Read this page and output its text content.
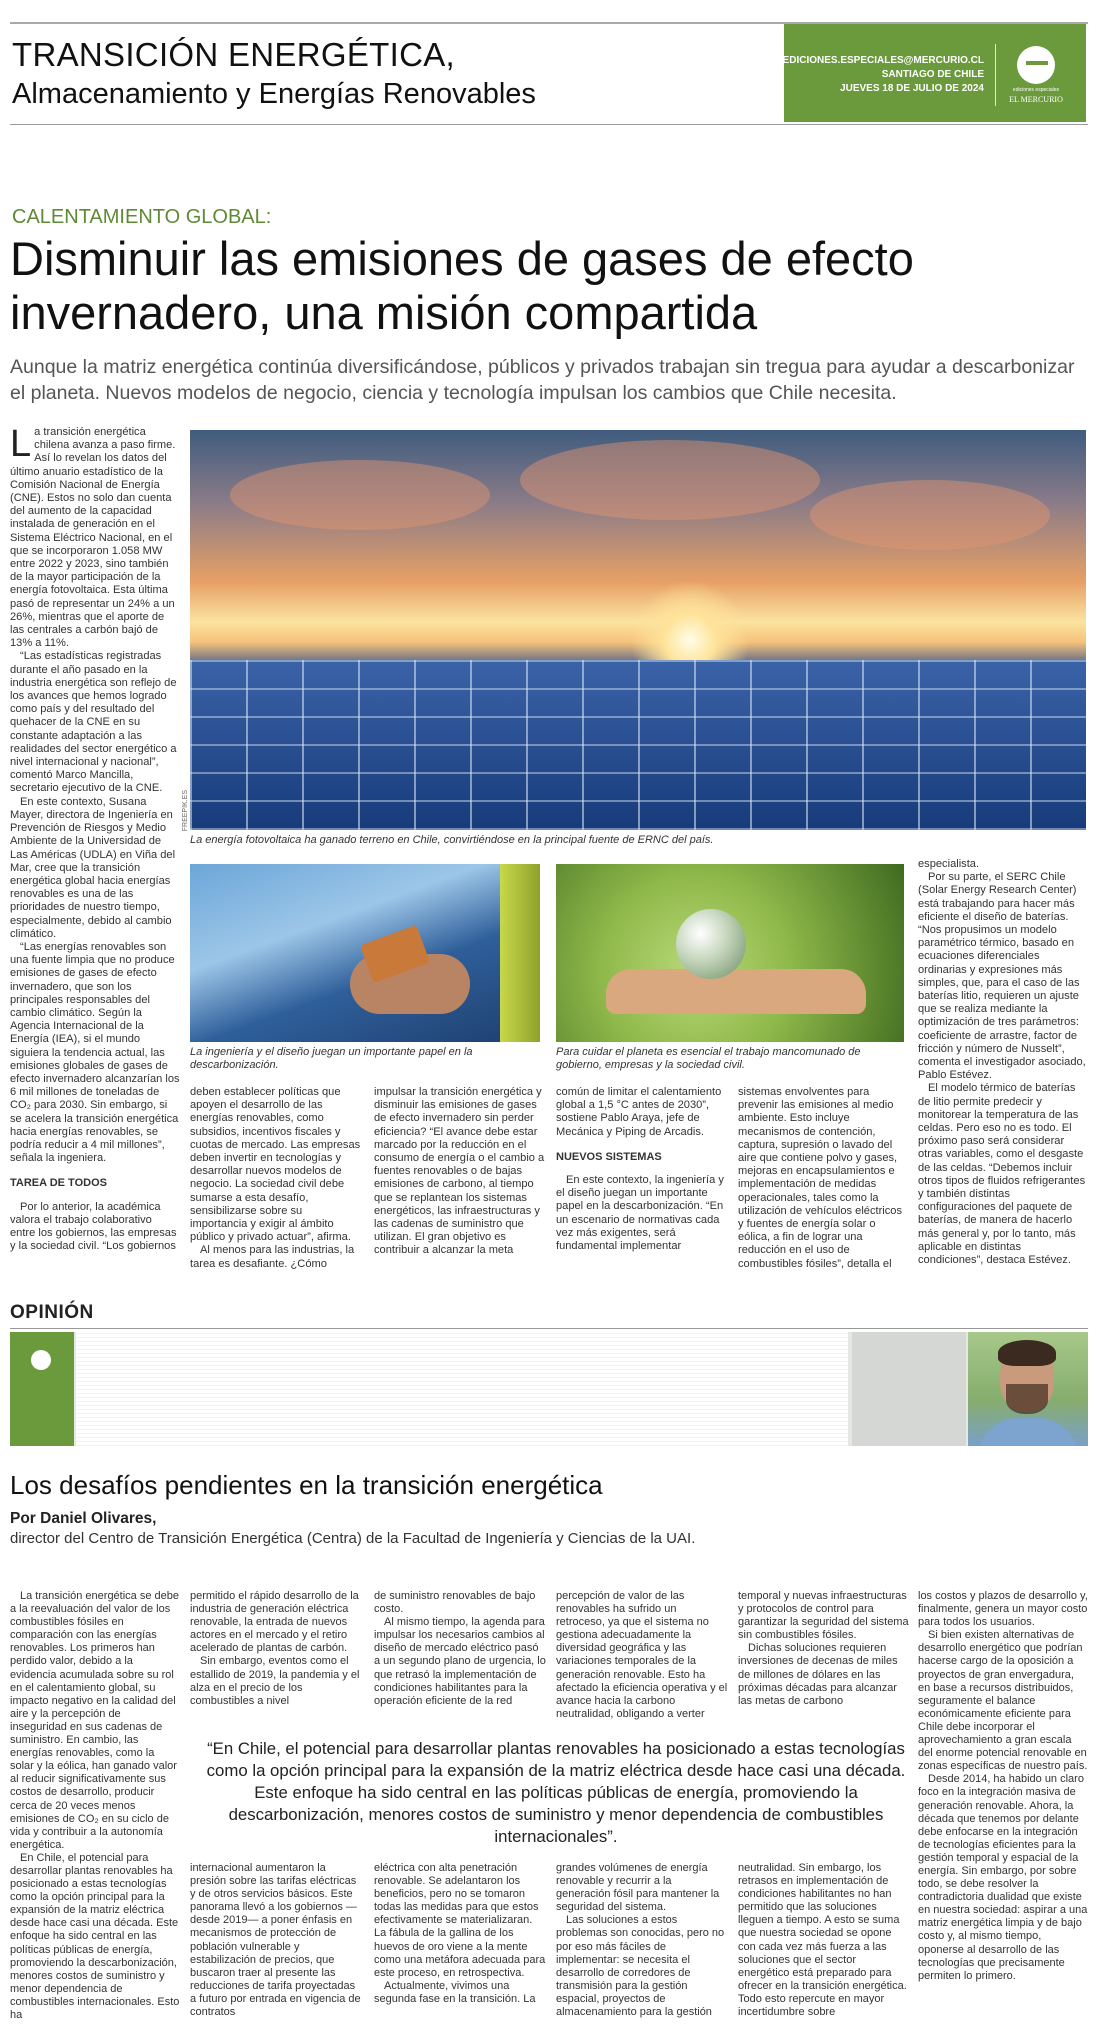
TRANSICIÓN ENERGÉTICA,
Almacenamiento y Energías Renovables
EDICIONES.ESPECIALES@MERCURIO.CL
SANTIAGO DE CHILE
JUEVES 18 DE JULIO DE 2024	ediciones especiales
EL MERCURIO
CALENTAMIENTO GLOBAL:
Disminuir las emisiones de gases de efecto invernadero, una misión compartida
Aunque la matriz energética continúa diversificándose, públicos y privados trabajan sin tregua para ayudar a descarbonizar el planeta. Nuevos modelos de negocio, ciencia y tecnología impulsan los cambios que Chile necesita.

La transición energética chilena avanza a paso firme. Así lo revelan los datos del último anuario estadístico de la Comisión Nacional de Energía (CNE). Estos no solo dan cuenta del aumento de la capacidad instalada de generación en el Sistema Eléctrico Nacional, en el que se incorporaron 1.058 MW entre 2022 y 2023, sino también de la mayor participación de la energía fotovoltaica. Esta última pasó de representar un 24% a un 26%, mientras que el aporte de las centrales a carbón bajó de 13% a 11%.

“Las estadísticas registradas durante el año pasado en la industria energética son reflejo de los avances que hemos logrado como país y del resultado del quehacer de la CNE en su constante adaptación a las realidades del sector energético a nivel internacional y nacional”, comentó Marco Mancilla, secretario ejecutivo de la CNE.

En este contexto, Susana Mayer, directora de Ingeniería en Prevención de Riesgos y Medio Ambiente de la Universidad de Las Américas (UDLA) en Viña del Mar, cree que la transición energética global hacia energías renovables es una de las prioridades de nuestro tiempo, especialmente, debido al cambio climático.

“Las energías renovables son una fuente limpia que no produce emisiones de gases de efecto invernadero, que son los principales responsables del cambio climático. Según la Agencia Internacional de la Energía (IEA), si el mundo siguiera la tendencia actual, las emisiones globales de gases de efecto invernadero alcanzarían los 6 mil millones de toneladas de CO₂ para 2030. Sin embargo, si se acelera la transición energética hacia energías renovables, se podría reducir a 4 mil millones”, señala la ingeniera.

TAREA DE TODOS

Por lo anterior, la académica valora el trabajo colaborativo entre los gobiernos, las empresas y la sociedad civil. “Los gobiernos

FREEPIK.ES
La energía fotovoltaica ha ganado terreno en Chile, convirtiéndose en la principal fuente de ERNC del país.
La ingeniería y el diseño juegan un importante papel en la descarbonización.
Para cuidar el planeta es esencial el trabajo mancomunado de gobierno, empresas y la sociedad civil.

deben establecer políticas que apoyen el desarrollo de las energías renovables, como subsidios, incentivos fiscales y cuotas de mercado. Las empresas deben invertir en tecnologías y desarrollar nuevos modelos de negocio. La sociedad civil debe sumarse a esta desafío, sensibilizarse sobre su importancia y exigir al ámbito público y privado actuar”, afirma.

Al menos para las industrias, la tarea es desafiante. ¿Cómo

impulsar la transición energética y disminuir las emisiones de gases de efecto invernadero sin perder eficiencia? “El avance debe estar marcado por la reducción en el consumo de energía o el cambio a fuentes renovables o de bajas emisiones de carbono, al tiempo que se replantean los sistemas energéticos, las infraestructuras y las cadenas de suministro que utilizan. El gran objetivo es contribuir a alcanzar la meta

común de limitar el calentamiento global a 1,5 °C antes de 2030”, sostiene Pablo Araya, jefe de Mecánica y Piping de Arcadis.

NUEVOS SISTEMAS

En este contexto, la ingeniería y el diseño juegan un importante papel en la descarbonización. “En un escenario de normativas cada vez más exigentes, será fundamental implementar

sistemas envolventes para prevenir las emisiones al medio ambiente. Esto incluye mecanismos de contención, captura, supresión o lavado del aire que contiene polvo y gases, mejoras en encapsulamientos e implementación de medidas operacionales, tales como la utilización de vehículos eléctricos y fuentes de energía solar o eólica, a fin de lograr una reducción en el uso de combustibles fósiles”, detalla el

especialista.

Por su parte, el SERC Chile (Solar Energy Research Center) está trabajando para hacer más eficiente el diseño de baterías. “Nos propusimos un modelo paramétrico térmico, basado en ecuaciones diferenciales ordinarias y expresiones más simples, que, para el caso de las baterías litio, requieren un ajuste que se realiza mediante la optimización de tres parámetros: coeficiente de arrastre, factor de fricción y número de Nusselt”, comenta el investigador asociado, Pablo Estévez.

El modelo térmico de baterías de litio permite predecir y monitorear la temperatura de las celdas. Pero eso no es todo. El próximo paso será considerar otras variables, como el desgaste de las celdas. “Debemos incluir otros tipos de fluidos refrigerantes y también distintas configuraciones del paquete de baterías, de manera de hacerlo más general y, por lo tanto, más aplicable en distintas condiciones”, destaca Estévez.

OPINIÓN
Los desafíos pendientes en la transición energética
Por Daniel Olivares,
director del Centro de Transición Energética (Centra) de la Facultad de Ingeniería y Ciencias de la UAI.

La transición energética se debe a la reevaluación del valor de los combustibles fósiles en comparación con las energías renovables. Los primeros han perdido valor, debido a la evidencia acumulada sobre su rol en el calentamiento global, su impacto negativo en la calidad del aire y la percepción de inseguridad en sus cadenas de suministro. En cambio, las energías renovables, como la solar y la eólica, han ganado valor al reducir significativamente sus costos de desarrollo, producir cerca de 20 veces menos emisiones de CO₂ en su ciclo de vida y contribuir a la autonomía energética.

En Chile, el potencial para desarrollar plantas renovables ha posicionado a estas tecnologías como la opción principal para la expansión de la matriz eléctrica desde hace casi una década. Este enfoque ha sido central en las políticas públicas de energía, promoviendo la descarbonización, menores costos de suministro y menor dependencia de combustibles internacionales. Esto ha

permitido el rápido desarrollo de la industria de generación eléctrica renovable, la entrada de nuevos actores en el mercado y el retiro acelerado de plantas de carbón.

Sin embargo, eventos como el estallido de 2019, la pandemia y el alza en el precio de los combustibles a nivel

de suministro renovables de bajo costo.

Al mismo tiempo, la agenda para impulsar los necesarios cambios al diseño de mercado eléctrico pasó a un segundo plano de urgencia, lo que retrasó la implementación de condiciones habilitantes para la operación eficiente de la red

percepción de valor de las renovables ha sufrido un retroceso, ya que el sistema no gestiona adecuadamente la diversidad geográfica y las variaciones temporales de la generación renovable. Esto ha afectado la eficiencia operativa y el avance hacia la carbono neutralidad, obligando a verter

temporal y nuevas infraestructuras y protocolos de control para garantizar la seguridad del sistema sin combustibles fósiles.

Dichas soluciones requieren inversiones de decenas de miles de millones de dólares en las próximas décadas para alcanzar las metas de carbono

“En Chile, el potencial para desarrollar plantas renovables ha posicionado a estas tecnologías como la opción principal para la expansión de la matriz eléctrica desde hace casi una década. Este enfoque ha sido central en las políticas públicas de energía, promoviendo la descarbonización, menores costos de suministro y menor dependencia de combustibles internacionales”.

internacional aumentaron la presión sobre las tarifas eléctricas y de otros servicios básicos. Este panorama llevó a los gobiernos —desde 2019— a poner énfasis en mecanismos de protección de población vulnerable y estabilización de precios, que buscaron traer al presente las reducciones de tarifa proyectadas a futuro por entrada en vigencia de contratos

eléctrica con alta penetración renovable. Se adelantaron los beneficios, pero no se tomaron todas las medidas para que estos efectivamente se materializaran. La fábula de la gallina de los huevos de oro viene a la mente como una metáfora adecuada para este proceso, en retrospectiva.

Actualmente, vivimos una segunda fase en la transición. La

grandes volúmenes de energía renovable y recurrir a la generación fósil para mantener la seguridad del sistema.

Las soluciones a estos problemas son conocidas, pero no por eso más fáciles de implementar: se necesita el desarrollo de corredores de transmisión para la gestión espacial, proyectos de almacenamiento para la gestión

neutralidad. Sin embargo, los retrasos en implementación de condiciones habilitantes no han permitido que las soluciones lleguen a tiempo. A esto se suma que nuestra sociedad se opone con cada vez más fuerza a las soluciones que el sector energético está preparado para ofrecer en la transición energética. Todo esto repercute en mayor incertidumbre sobre

los costos y plazos de desarrollo y, finalmente, genera un mayor costo para todos los usuarios.

Si bien existen alternativas de desarrollo energético que podrían hacerse cargo de la oposición a proyectos de gran envergadura, en base a recursos distribuidos, seguramente el balance económicamente eficiente para Chile debe incorporar el aprovechamiento a gran escala del enorme potencial renovable en zonas específicas de nuestro país.

Desde 2014, ha habido un claro foco en la integración masiva de generación renovable. Ahora, la década que tenemos por delante debe enfocarse en la integración de tecnologías eficientes para la gestión temporal y espacial de la energía. Sin embargo, por sobre todo, se debe resolver la contradictoria dualidad que existe en nuestra sociedad: aspirar a una matriz energética limpia y de bajo costo y, al mismo tiempo, oponerse al desarrollo de las tecnologías que precisamente permiten lo primero.
